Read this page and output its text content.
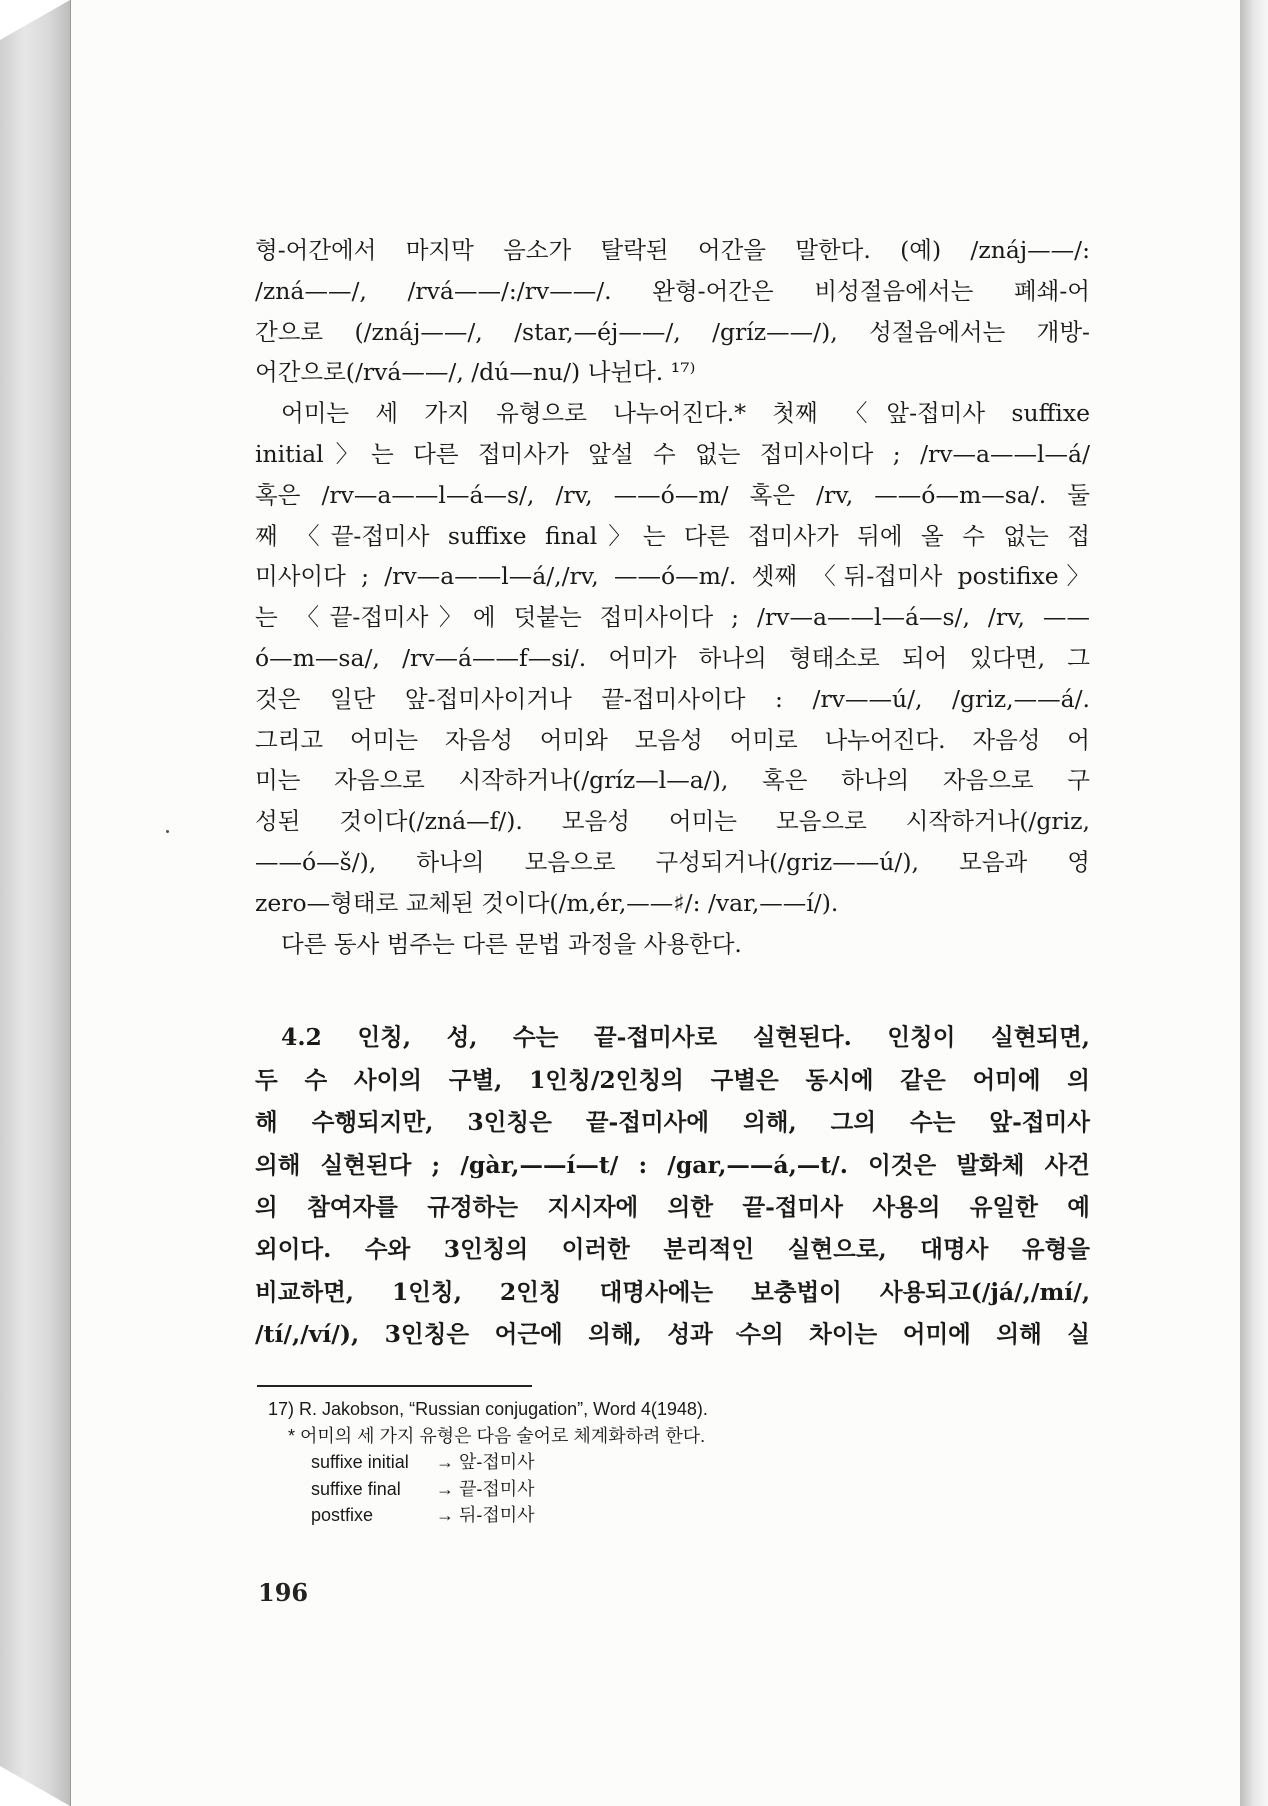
형-어간에서 마지막 음소가 탈락된 어간을 말한다. (예) /znáj——/:
/zná——/, /rvá——/:/rv——/. 완형-어간은 비성절음에서는 폐쇄-어
간으로 (/znáj——/, /star,—éj——/, /gríz——/), 성절음에서는 개방-
어간으로(/rvá——/, /dú—nu/) 나뉜다. ¹⁷⁾
어미는 세 가지 유형으로 나누어진다.* 첫째 〈앞-접미사 suffixe
initial〉는 다른 접미사가 앞설 수 없는 접미사이다 ; /rv—a——l—á/
혹은 /rv—a——l—á—s/, /rv, ——ó—m/ 혹은 /rv, ——ó—m—sa/. 둘
째 〈끝-접미사 suffixe final〉는 다른 접미사가 뒤에 올 수 없는 접
미사이다 ; /rv—a——l—á/,/rv, ——ó—m/. 셋째 〈뒤-접미사 postifixe〉
는 〈끝-접미사〉에 덧붙는 접미사이다 ; /rv—a——l—á—s/, /rv, ——
ó—m—sa/, /rv—á——f—si/. 어미가 하나의 형태소로 되어 있다면, 그
것은 일단 앞-접미사이거나 끝-접미사이다 : /rv——ú/, /griz,——á/.
그리고 어미는 자음성 어미와 모음성 어미로 나누어진다. 자음성 어
미는 자음으로 시작하거나(/gríz—l—a/), 혹은 하나의 자음으로 구
성된 것이다(/zná—f/). 모음성 어미는 모음으로 시작하거나(/griz,
——ó—š/), 하나의 모음으로 구성되거나(/griz——ú/), 모음과 영
zero—형태로 교체된 것이다(/m,ér,——♯/: /var,——í/).
다른 동사 범주는 다른 문법 과정을 사용한다.
4.2 인칭, 성, 수는 끝-접미사로 실현된다. 인칭이 실현되면,
두 수 사이의 구별, 1인칭/2인칭의 구별은 동시에 같은 어미에 의
해 수행되지만, 3인칭은 끝-접미사에 의해, 그의 수는 앞-접미사
의해 실현된다 ; /gàr,——í—t/ : /gar,——á,—t/. 이것은 발화체 사건
의 참여자를 규정하는 지시자에 의한 끝-접미사 사용의 유일한 예
외이다. 수와 3인칭의 이러한 분리적인 실현으로, 대명사 유형을
비교하면, 1인칭, 2인칭 대명사에는 보충법이 사용되고(/já/,/mí/,
/tí/,/ví/), 3인칭은 어근에 의해, 성과 수의 차이는 어미에 의해 실
17) R. Jakobson, “Russian conjugation”, Word 4(1948).
* 어미의 세 가지 유형은 다음 술어로 체계화하려 한다.
suffixe initial → 앞-접미사
suffixe final → 끝-접미사
postfixe	→ 뒤-접미사
196
